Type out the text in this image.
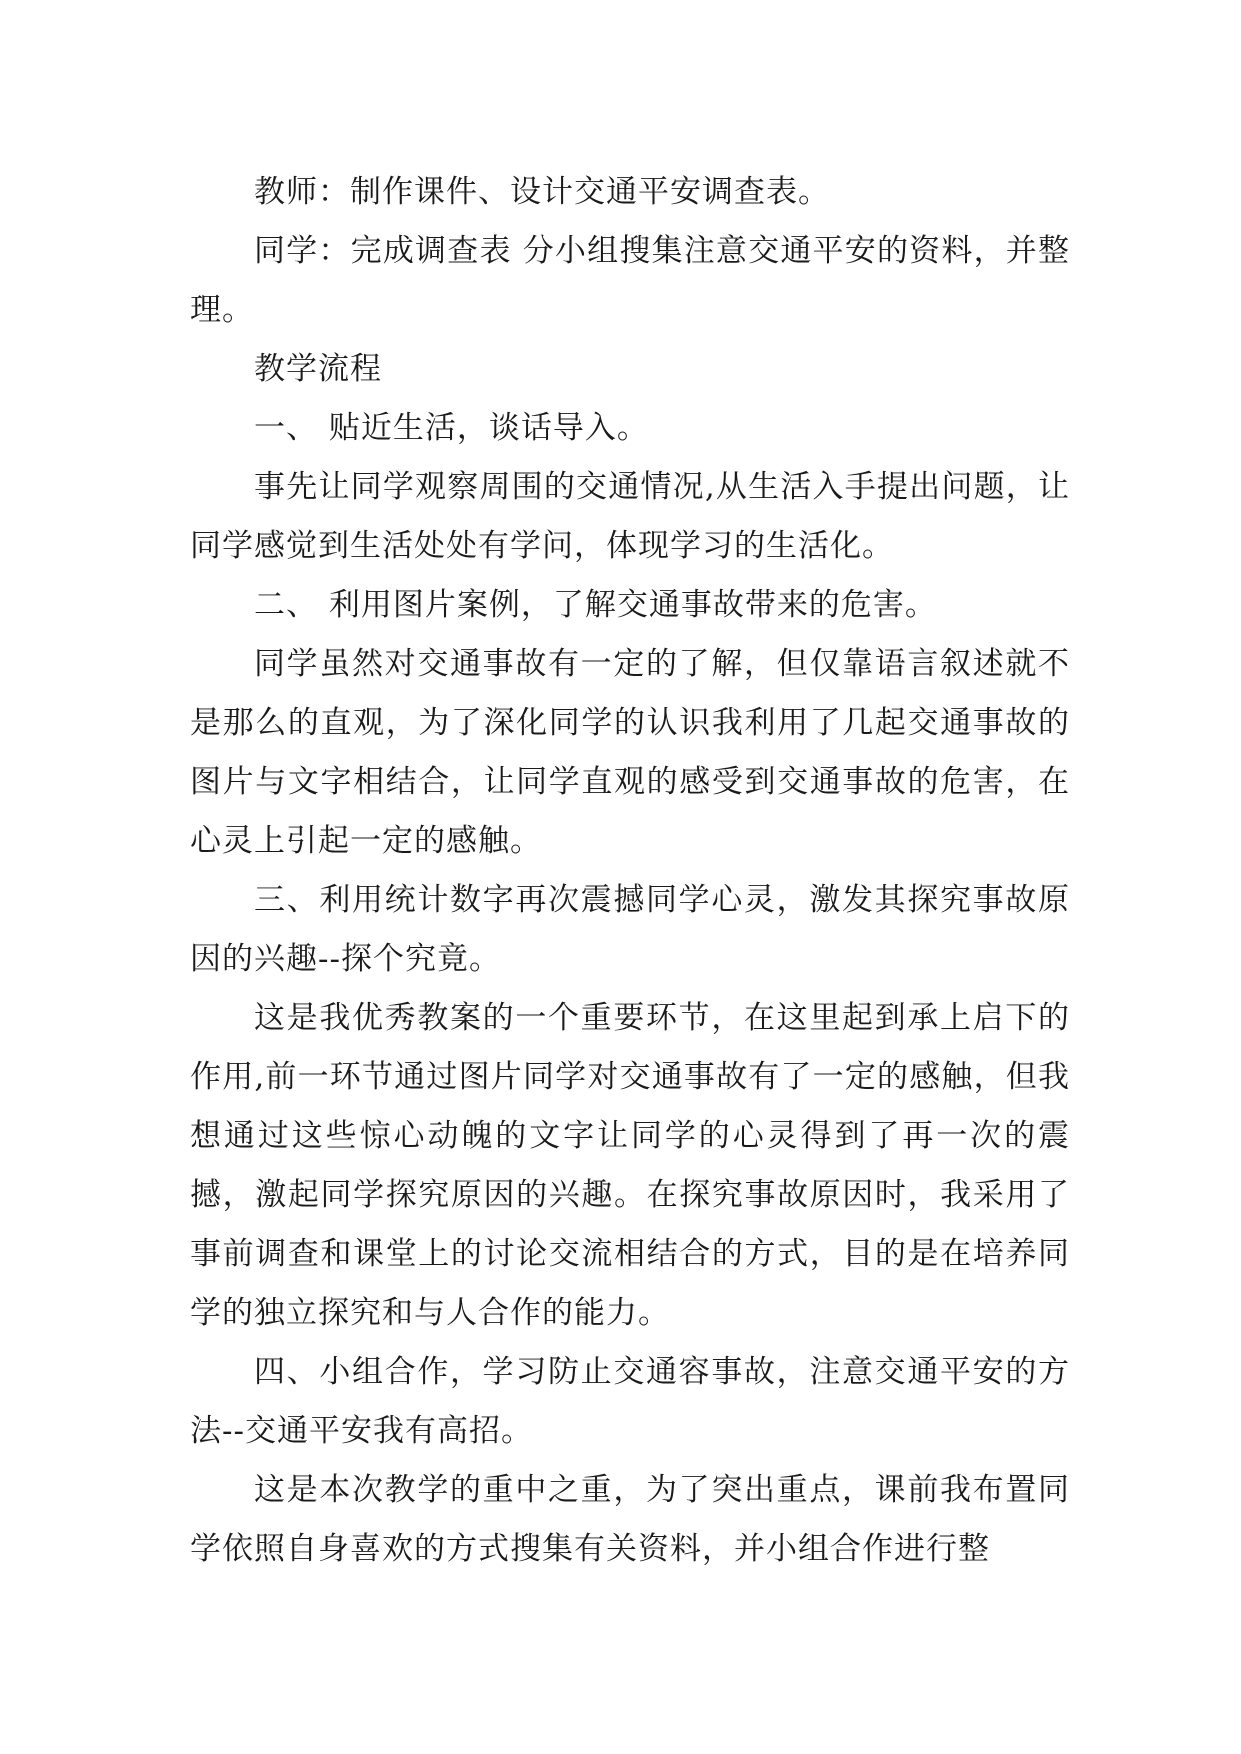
教师：制作课件、设计交通平安调查表。

同学：完成调查表 分小组搜集注意交通平安的资料，并整理。

教学流程

一、 贴近生活，谈话导入。

事先让同学观察周围的交通情况,从生活入手提出问题，让同学感觉到生活处处有学问，体现学习的生活化。

二、 利用图片案例，了解交通事故带来的危害。

同学虽然对交通事故有一定的了解，但仅靠语言叙述就不是那么的直观，为了深化同学的认识我利用了几起交通事故的图片与文字相结合，让同学直观的感受到交通事故的危害，在心灵上引起一定的感触。

三、利用统计数字再次震撼同学心灵，激发其探究事故原因的兴趣--探个究竟。

这是我优秀教案的一个重要环节，在这里起到承上启下的作用,前一环节通过图片同学对交通事故有了一定的感触，但我想通过这些惊心动魄的文字让同学的心灵得到了再一次的震撼，激起同学探究原因的兴趣。在探究事故原因时，我采用了事前调查和课堂上的讨论交流相结合的方式，目的是在培养同学的独立探究和与人合作的能力。

四、小组合作，学习防止交通容事故，注意交通平安的方法--交通平安我有高招。

这是本次教学的重中之重，为了突出重点，课前我布置同学依照自身喜欢的方式搜集有关资料，并小组合作进行整
